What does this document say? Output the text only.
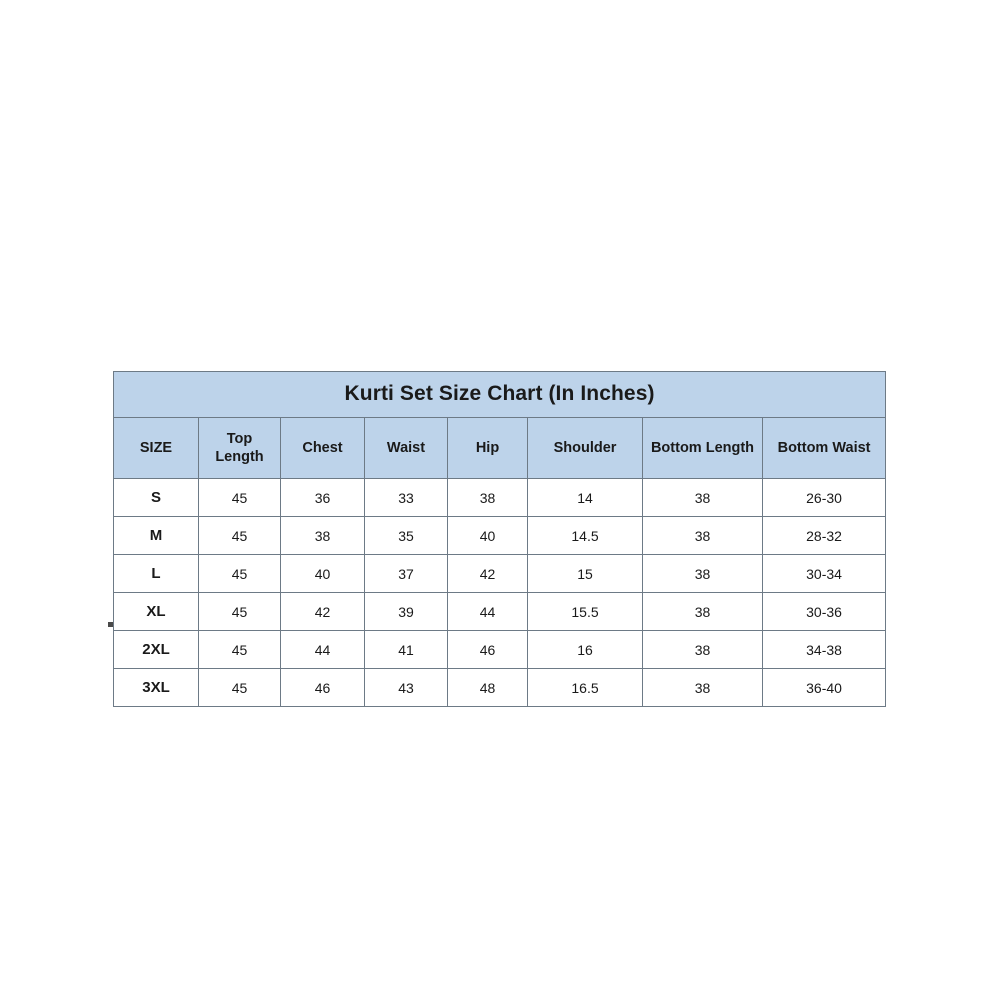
Kurti Set Size Chart (In Inches)							
SIZE	Top Length	Chest	Waist	Hip	Shoulder	Bottom Length	Bottom Waist
S	45	36	33	38	14	38	26-30
M	45	38	35	40	14.5	38	28-32
L	45	40	37	42	15	38	30-34
XL	45	42	39	44	15.5	38	30-36
2XL	45	44	41	46	16	38	34-38
3XL	45	46	43	48	16.5	38	36-40
